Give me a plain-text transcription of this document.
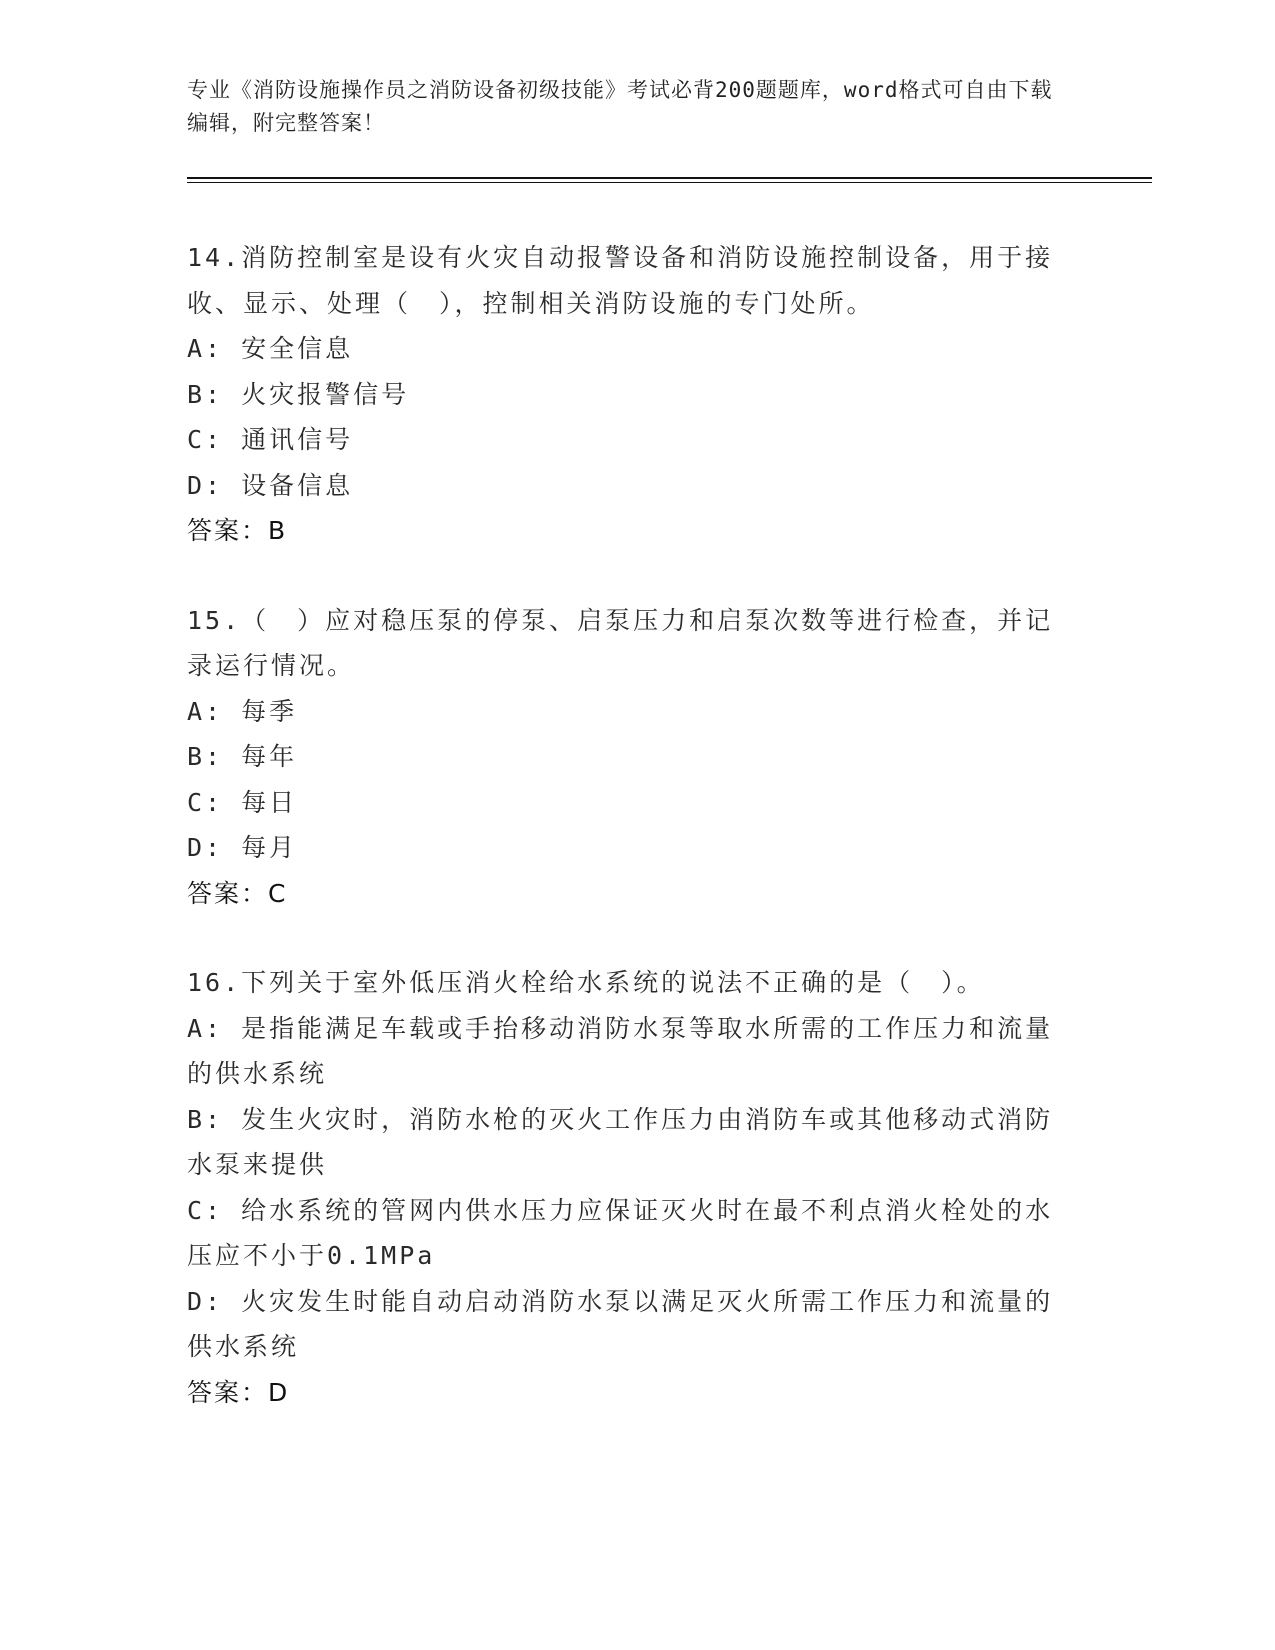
专业《消防设施操作员之消防设备初级技能》考试必背200题题库，word格式可自由下载编辑，附完整答案！

14.消防控制室是设有火灾自动报警设备和消防设施控制设备，用于接收、显示、处理（　），控制相关消防设施的专门处所。

A: 安全信息

B: 火灾报警信号

C: 通讯信号

D: 设备信息

答案：B

15.（　）应对稳压泵的停泵、启泵压力和启泵次数等进行检查，并记录运行情况。

A: 每季

B: 每年

C: 每日

D: 每月

答案：C

16.下列关于室外低压消火栓给水系统的说法不正确的是（　）。

A: 是指能满足车载或手抬移动消防水泵等取水所需的工作压力和流量的供水系统

B: 发生火灾时，消防水枪的灭火工作压力由消防车或其他移动式消防水泵来提供

C: 给水系统的管网内供水压力应保证灭火时在最不利点消火栓处的水压应不小于0.1MPa

D: 火灾发生时能自动启动消防水泵以满足灭火所需工作压力和流量的供水系统

答案：D
